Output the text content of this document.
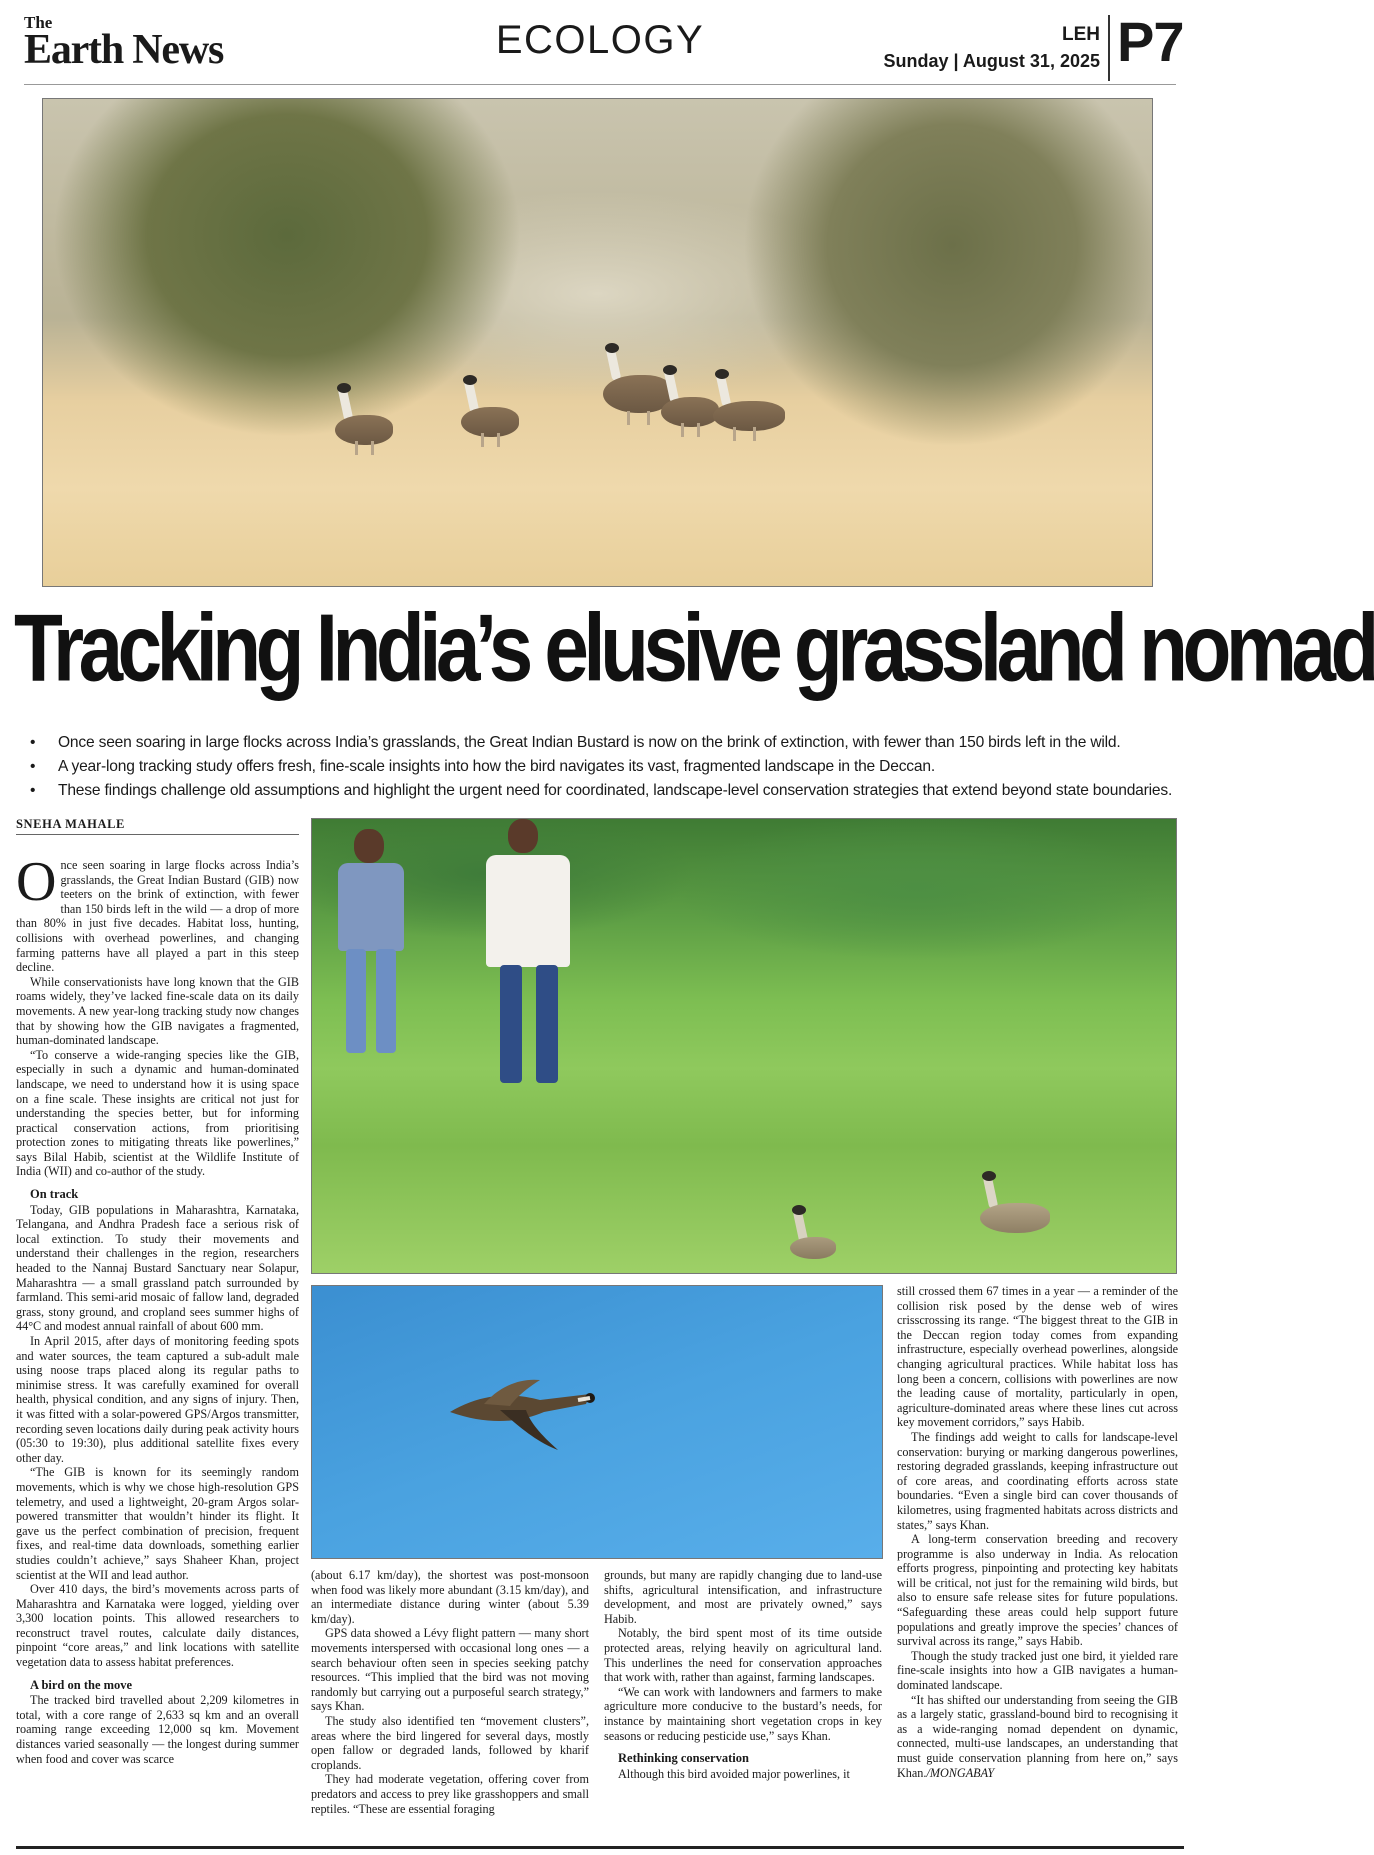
The
Earth News	ECOLOGY	LEH
Sunday | August 31, 2025 P7
Tracking India’s elusive grassland nomad
• Once seen soaring in large flocks across India’s grasslands, the Great Indian Bustard is now on the brink of extinction, with fewer than 150 birds left in the wild.
• A year-long tracking study offers fresh, fine-scale insights into how the bird navigates its vast, fragmented landscape in the Deccan.
• These findings challenge old assumptions and highlight the urgent need for coordinated, landscape-level conservation strategies that extend beyond state boundaries.
SNEHA MAHALE

Once seen soaring in large flocks across India’s grasslands, the Great Indian Bustard (GIB) now teeters on the brink of extinction, with fewer than 150 birds left in the wild — a drop of more than 80% in just five decades. Habitat loss, hunting, collisions with overhead powerlines, and changing farming patterns have all played a part in this steep decline.

While conservationists have long known that the GIB roams widely, they’ve lacked fine-scale data on its daily movements. A new year-long tracking study now changes that by showing how the GIB navigates a fragmented, human-dominated landscape.

“To conserve a wide-ranging species like the GIB, especially in such a dynamic and human-dominated landscape, we need to understand how it is using space on a fine scale. These insights are critical not just for understanding the species better, but for informing practical conservation actions, from prioritising protection zones to mitigating threats like powerlines,” says Bilal Habib, scientist at the Wildlife Institute of India (WII) and co-author of the study.

On track

Today, GIB populations in Maharashtra, Karnataka, Telangana, and Andhra Pradesh face a serious risk of local extinction. To study their movements and understand their challenges in the region, researchers headed to the Nannaj Bustard Sanctuary near Solapur, Maharashtra — a small grassland patch surrounded by farmland. This semi-arid mosaic of fallow land, degraded grass, stony ground, and cropland sees summer highs of 44°C and modest annual rainfall of about 600 mm.

In April 2015, after days of monitoring feeding spots and water sources, the team captured a sub-adult male using noose traps placed along its regular paths to minimise stress. It was carefully examined for overall health, physical condition, and any signs of injury. Then, it was fitted with a solar-powered GPS/Argos transmitter, recording seven locations daily during peak activity hours (05:30 to 19:30), plus additional satellite fixes every other day.

“The GIB is known for its seemingly random movements, which is why we chose high-resolution GPS telemetry, and used a lightweight, 20-gram Argos solar-powered transmitter that wouldn’t hinder its flight. It gave us the perfect combination of precision, frequent fixes, and real-time data downloads, something earlier studies couldn’t achieve,” says Shaheer Khan, project scientist at the WII and lead author.

Over 410 days, the bird’s movements across parts of Maharashtra and Karnataka were logged, yielding over 3,300 location points. This allowed researchers to reconstruct travel routes, calculate daily distances, pinpoint “core areas,” and link locations with satellite vegetation data to assess habitat preferences.

A bird on the move

The tracked bird travelled about 2,209 kilometres in total, with a core range of 2,633 sq km and an overall roaming range exceeding 12,000 sq km. Movement distances varied seasonally — the longest during summer when food and cover was scarce

(about 6.17 km/day), the shortest was post-monsoon when food was likely more abundant (3.15 km/day), and an intermediate distance during winter (about 5.39 km/day).

GPS data showed a Lévy flight pattern — many short movements interspersed with occasional long ones — a search behaviour often seen in species seeking patchy resources. “This implied that the bird was not moving randomly but carrying out a purposeful search strategy,” says Khan.

The study also identified ten “movement clusters”, areas where the bird lingered for several days, mostly open fallow or degraded lands, followed by kharif croplands.

They had moderate vegetation, offering cover from predators and access to prey like grasshoppers and small reptiles. “These are essential foraging

grounds, but many are rapidly changing due to land-use shifts, agricultural intensification, and infrastructure development, and most are privately owned,” says Habib.

Notably, the bird spent most of its time outside protected areas, relying heavily on agricultural land. This underlines the need for conservation approaches that work with, rather than against, farming landscapes.

“We can work with landowners and farmers to make agriculture more conducive to the bustard’s needs, for instance by maintaining short vegetation crops in key seasons or reducing pesticide use,” says Khan.

Rethinking conservation

Although this bird avoided major powerlines, it

still crossed them 67 times in a year — a reminder of the collision risk posed by the dense web of wires crisscrossing its range. “The biggest threat to the GIB in the Deccan region today comes from expanding infrastructure, especially overhead powerlines, alongside changing agricultural practices. While habitat loss has long been a concern, collisions with powerlines are now the leading cause of mortality, particularly in open, agriculture-dominated areas where these lines cut across key movement corridors,” says Habib.

The findings add weight to calls for landscape-level conservation: burying or marking dangerous powerlines, restoring degraded grasslands, keeping infrastructure out of core areas, and coordinating efforts across state boundaries. “Even a single bird can cover thousands of kilometres, using fragmented habitats across districts and states,” says Khan.

A long-term conservation breeding and recovery programme is also underway in India. As relocation efforts progress, pinpointing and protecting key habitats will be critical, not just for the remaining wild birds, but also to ensure safe release sites for future populations. “Safeguarding these areas could help support future populations and greatly improve the species’ chances of survival across its range,” says Habib.

Though the study tracked just one bird, it yielded rare fine-scale insights into how a GIB navigates a human-dominated landscape.

“It has shifted our understanding from seeing the GIB as a largely static, grassland-bound bird to recognising it as a wide-ranging nomad dependent on dynamic, connected, multi-use landscapes, an understanding that must guide conservation planning from here on,” says Khan./MONGABAY
